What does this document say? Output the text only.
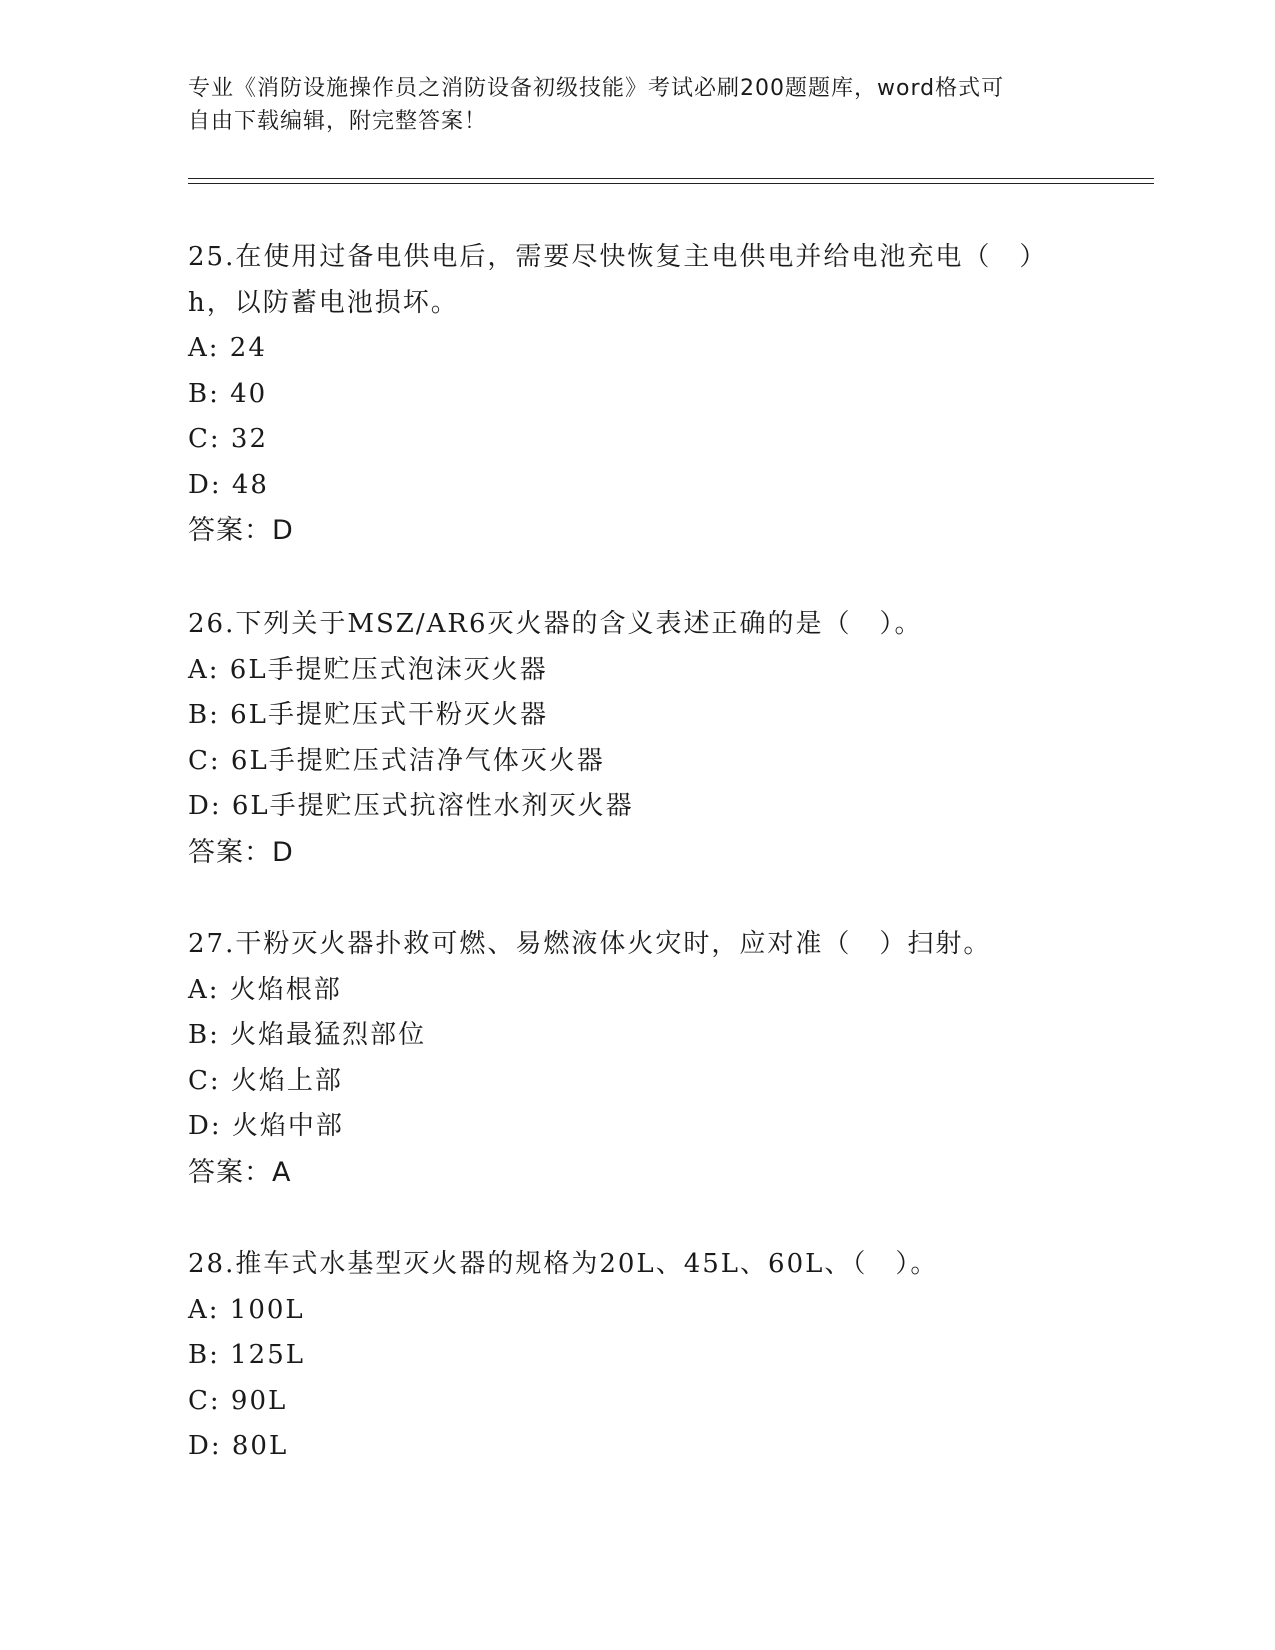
专业《消防设施操作员之消防设备初级技能》考试必刷200题题库，word格式可
自由下载编辑，附完整答案！
25.在使用过备电供电后，需要尽快恢复主电供电并给电池充电（　）
h，以防蓄电池损坏。
A: 24
B: 40
C: 32
D: 48
答案：D
26.下列关于MSZ/AR6灭火器的含义表述正确的是（　）。
A: 6L手提贮压式泡沫灭火器
B: 6L手提贮压式干粉灭火器
C: 6L手提贮压式洁净气体灭火器
D: 6L手提贮压式抗溶性水剂灭火器
答案：D
27.干粉灭火器扑救可燃、易燃液体火灾时，应对准（　）扫射。
A: 火焰根部
B: 火焰最猛烈部位
C: 火焰上部
D: 火焰中部
答案：A
28.推车式水基型灭火器的规格为20L、45L、60L、（　）。
A: 100L
B: 125L
C: 90L
D: 80L
